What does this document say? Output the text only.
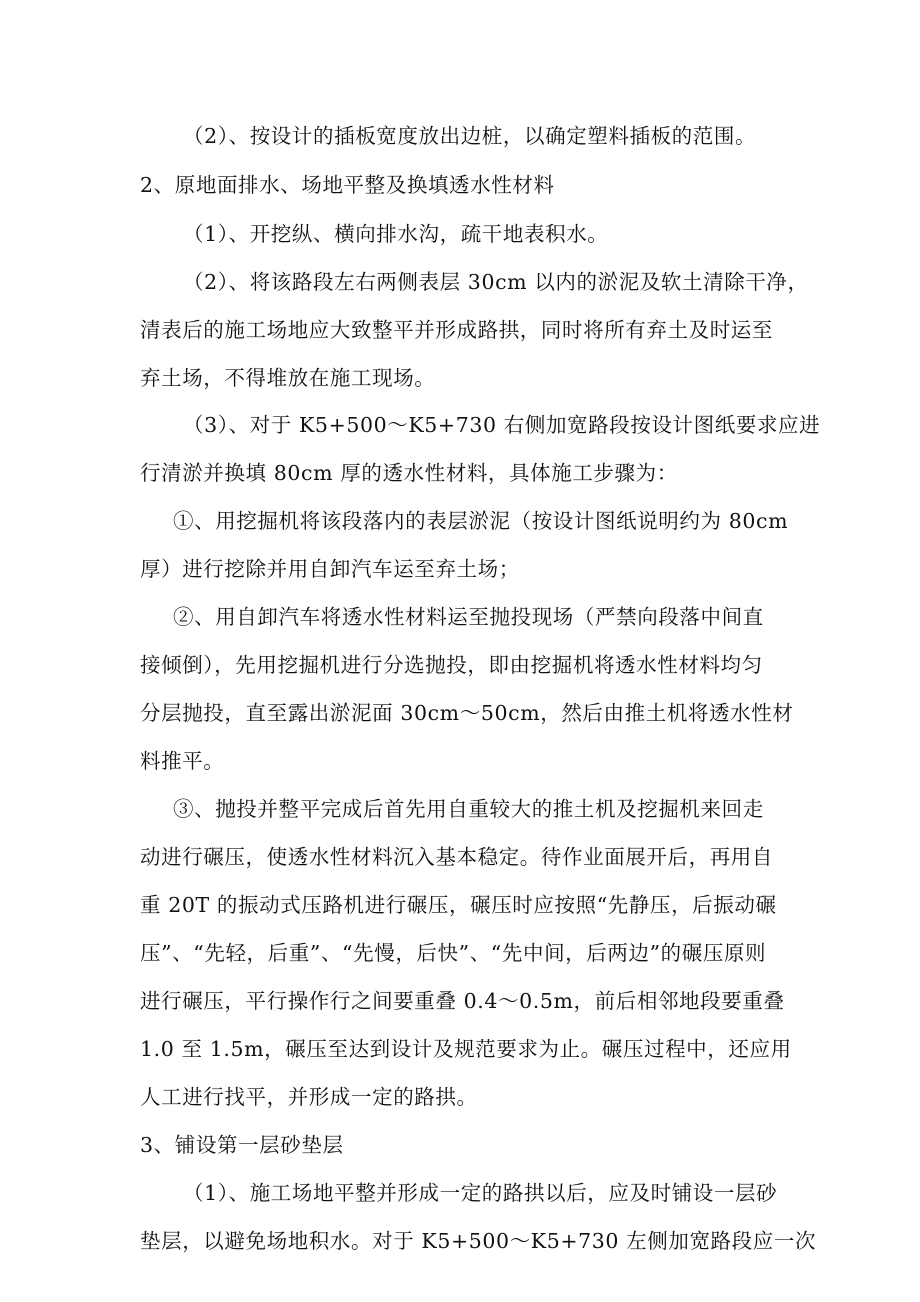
（2）、按设计的插板宽度放出边桩，以确定塑料插板的范围。

2、原地面排水、场地平整及换填透水性材料

（1）、开挖纵、横向排水沟，疏干地表积水。

（2）、将该路段左右两侧表层 30cm 以内的淤泥及软土清除干净，

清表后的施工场地应大致整平并形成路拱，同时将所有弃土及时运至

弃土场，不得堆放在施工现场。

（3）、对于 K5+500～K5+730 右侧加宽路段按设计图纸要求应进

行清淤并换填 80cm 厚的透水性材料，具体施工步骤为：

①、用挖掘机将该段落内的表层淤泥（按设计图纸说明约为 80cm

厚）进行挖除并用自卸汽车运至弃土场；

②、用自卸汽车将透水性材料运至抛投现场（严禁向段落中间直

接倾倒），先用挖掘机进行分选抛投，即由挖掘机将透水性材料均匀

分层抛投，直至露出淤泥面 30cm～50cm，然后由推土机将透水性材

料推平。

③、抛投并整平完成后首先用自重较大的推土机及挖掘机来回走

动进行碾压，使透水性材料沉入基本稳定。待作业面展开后，再用自

重 20T 的振动式压路机进行碾压，碾压时应按照“先静压，后振动碾

压”、“先轻，后重”、“先慢，后快”、“先中间，后两边”的碾压原则

进行碾压，平行操作行之间要重叠 0.4～0.5m，前后相邻地段要重叠

1.0 至 1.5m，碾压至达到设计及规范要求为止。碾压过程中，还应用

人工进行找平，并形成一定的路拱。

3、铺设第一层砂垫层

（1）、施工场地平整并形成一定的路拱以后，应及时铺设一层砂

垫层，以避免场地积水。对于 K5+500～K5+730 左侧加宽路段应一次
